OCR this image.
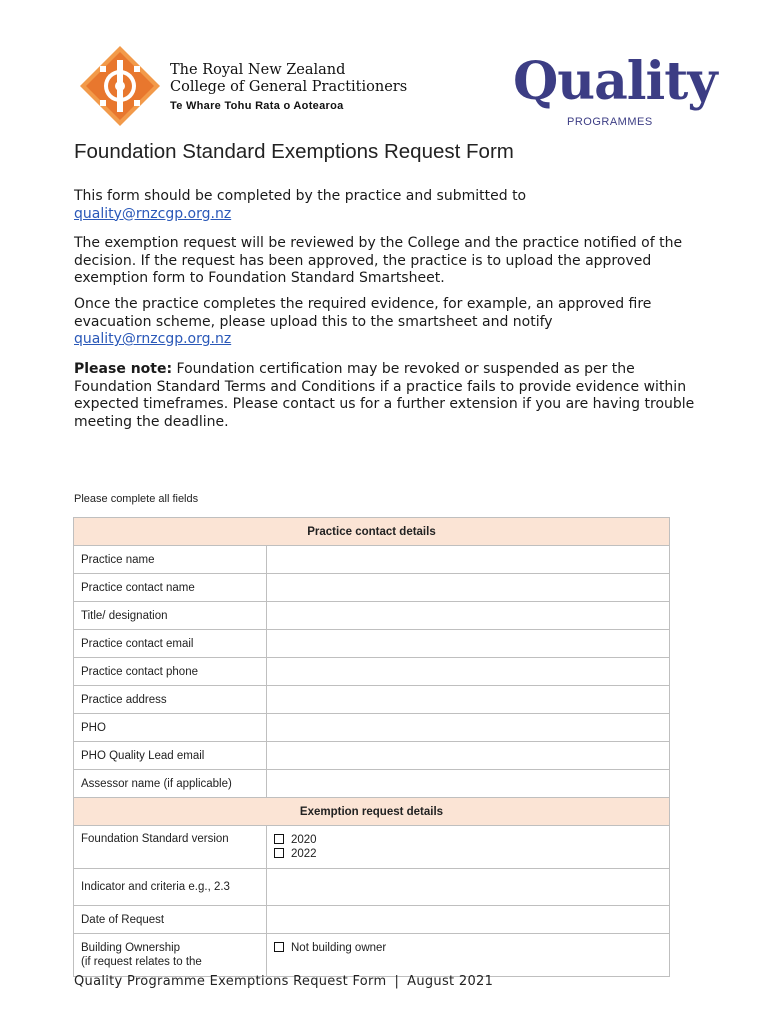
The Royal New Zealand
College of General Practitioners
Te Whare Tohu Rata o Aotearoa	Quality
PROGRAMMES
Foundation Standard Exemptions Request Form

This form should be completed by the practice and submitted to
quality@rnzcgp.org.nz

The exemption request will be reviewed by the College and the practice notified of the decision. If the request has been approved, the practice is to upload the approved exemption form to Foundation Standard Smartsheet.

Once the practice completes the required evidence, for example, an approved fire evacuation scheme, please upload this to the smartsheet and notify
quality@rnzcgp.org.nz

Please note: Foundation certification may be revoked or suspended as per the Foundation Standard Terms and Conditions if a practice fails to provide evidence within expected timeframes. Please contact us for a further extension if you are having trouble meeting the deadline.

Please complete all fields
Practice contact details	
Practice name	
Practice contact name	
Title/ designation	
Practice contact email	
Practice contact phone	
Practice address	
PHO	
PHO Quality Lead email	
Assessor name (if applicable)	
Exemption request details	
Foundation Standard version	2020
2022

Indicator and criteria e.g., 2.3	
Date of Request	
Building Ownership
(if request relates to the	Not building owner
Quality Programme Exemptions Request Form | August 2021
